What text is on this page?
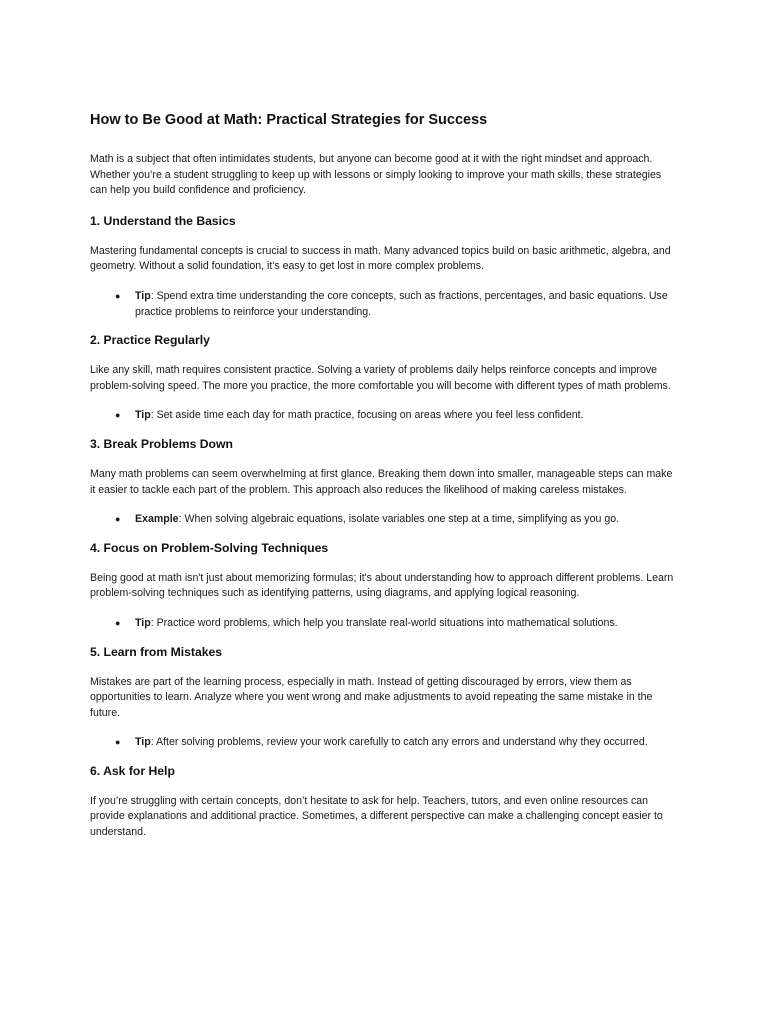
How to Be Good at Math: Practical Strategies for Success

Math is a subject that often intimidates students, but anyone can become good at it with the right mindset and approach. Whether you’re a student struggling to keep up with lessons or simply looking to improve your math skills, these strategies can help you build confidence and proficiency.

1. Understand the Basics

Mastering fundamental concepts is crucial to success in math. Many advanced topics build on basic arithmetic, algebra, and geometry. Without a solid foundation, it's easy to get lost in more complex problems.

● Tip: Spend extra time understanding the core concepts, such as fractions, percentages, and basic equations. Use practice problems to reinforce your understanding.
2. Practice Regularly

Like any skill, math requires consistent practice. Solving a variety of problems daily helps reinforce concepts and improve problem-solving speed. The more you practice, the more comfortable you will become with different types of math problems.

● Tip: Set aside time each day for math practice, focusing on areas where you feel less confident.
3. Break Problems Down

Many math problems can seem overwhelming at first glance. Breaking them down into smaller, manageable steps can make it easier to tackle each part of the problem. This approach also reduces the likelihood of making careless mistakes.

● Example: When solving algebraic equations, isolate variables one step at a time, simplifying as you go.
4. Focus on Problem-Solving Techniques

Being good at math isn't just about memorizing formulas; it's about understanding how to approach different problems. Learn problem-solving techniques such as identifying patterns, using diagrams, and applying logical reasoning.

● Tip: Practice word problems, which help you translate real-world situations into mathematical solutions.
5. Learn from Mistakes

Mistakes are part of the learning process, especially in math. Instead of getting discouraged by errors, view them as opportunities to learn. Analyze where you went wrong and make adjustments to avoid repeating the same mistake in the future.

● Tip: After solving problems, review your work carefully to catch any errors and understand why they occurred.
6. Ask for Help

If you’re struggling with certain concepts, don’t hesitate to ask for help. Teachers, tutors, and even online resources can provide explanations and additional practice. Sometimes, a different perspective can make a challenging concept easier to understand.
